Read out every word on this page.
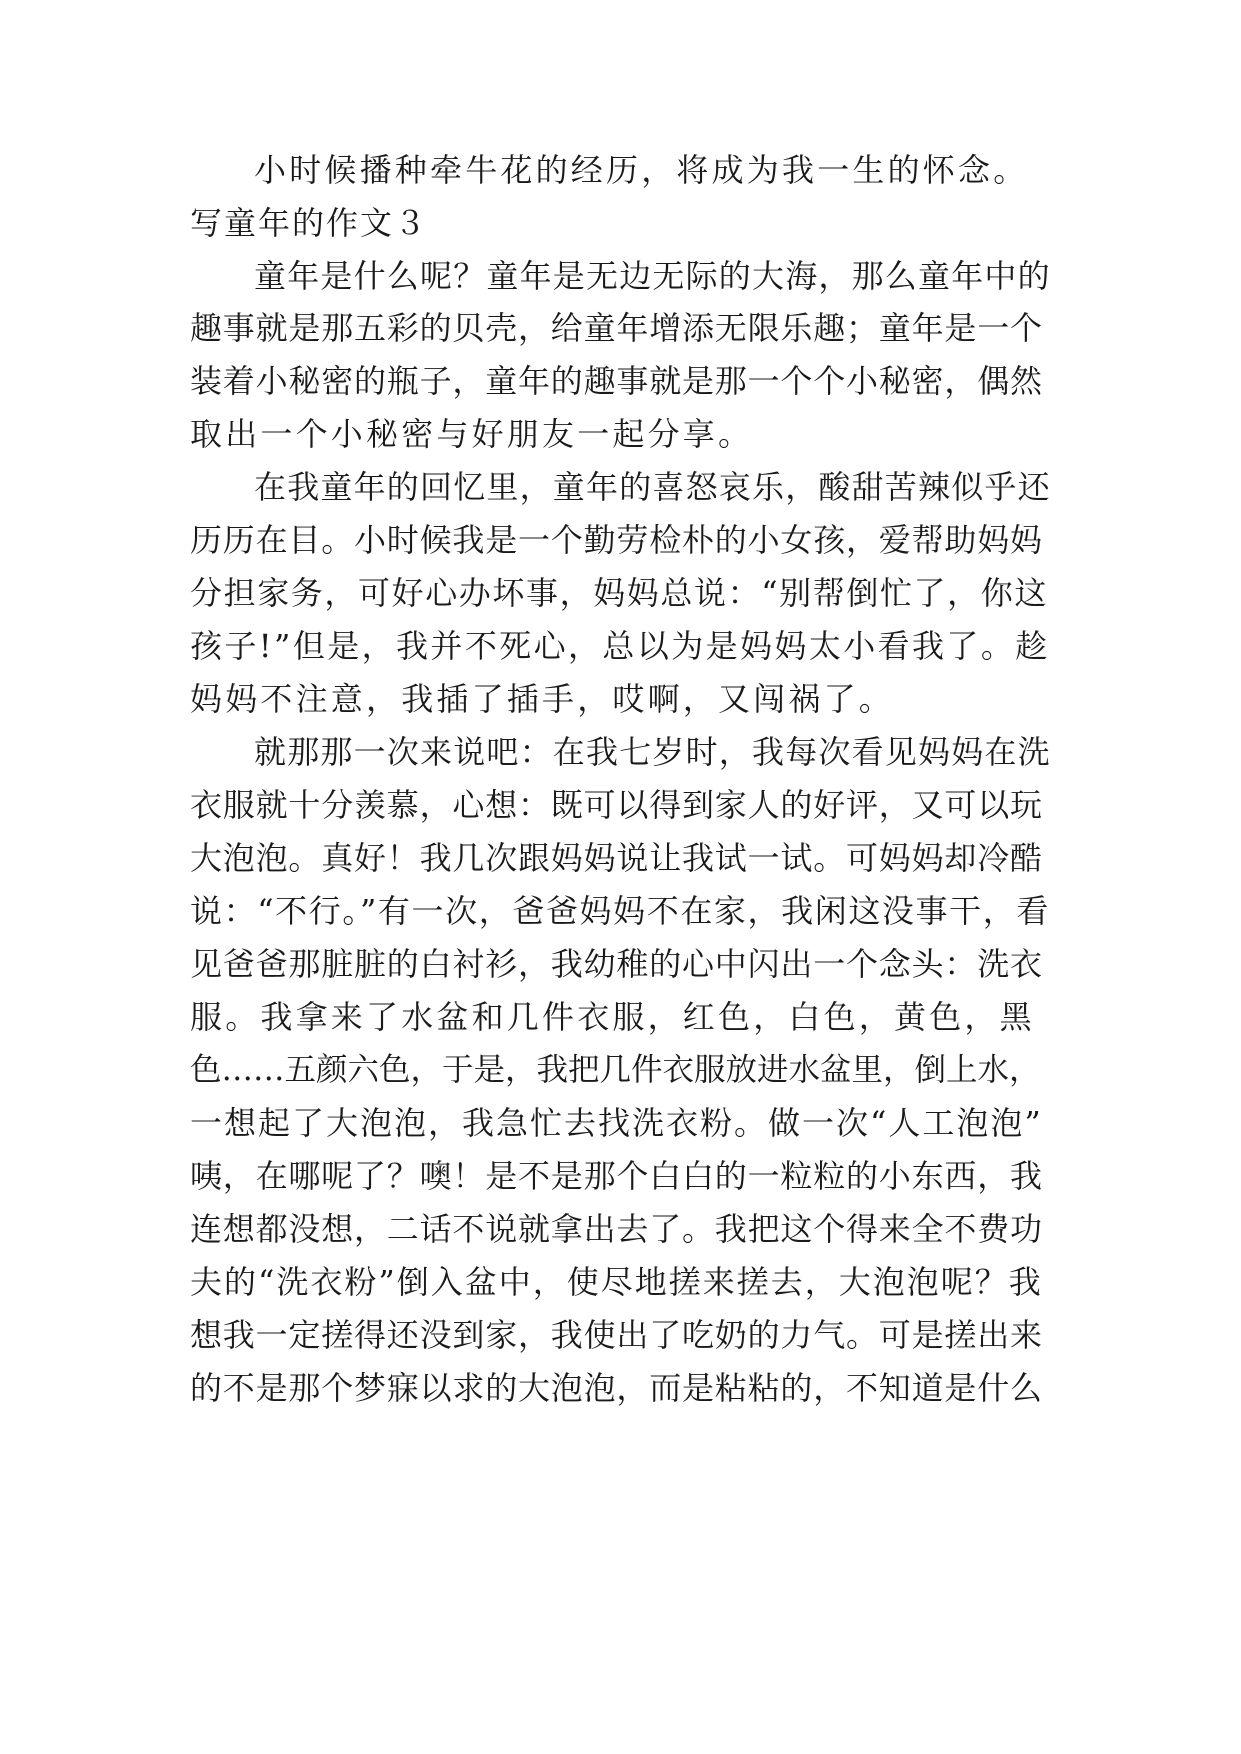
小时候播种牵牛花的经历，将成为我一生的怀念。
写童年的作文３
童年是什么呢？童年是无边无际的大海，那么童年中的
趣事就是那五彩的贝壳，给童年增添无限乐趣；童年是一个
装着小秘密的瓶子，童年的趣事就是那一个个小秘密，偶然
取出一个小秘密与好朋友一起分享。
在我童年的回忆里，童年的喜怒哀乐，酸甜苦辣似乎还
历历在目。小时候我是一个勤劳检朴的小女孩，爱帮助妈妈
分担家务，可好心办坏事，妈妈总说：“别帮倒忙了，你这
孩子!”但是，我并不死心，总以为是妈妈太小看我了。趁
妈妈不注意，我插了插手，哎啊，又闯祸了。
就那那一次来说吧：在我七岁时，我每次看见妈妈在洗
衣服就十分羡慕，心想：既可以得到家人的好评，又可以玩
大泡泡。真好！我几次跟妈妈说让我试一试。可妈妈却冷酷
说：“不行。”有一次，爸爸妈妈不在家，我闲这没事干，看
见爸爸那脏脏的白衬衫，我幼稚的心中闪出一个念头：洗衣
服。我拿来了水盆和几件衣服，红色，白色，黄色，黑
色……五颜六色，于是，我把几件衣服放进水盆里，倒上水，
一想起了大泡泡，我急忙去找洗衣粉。做一次“人工泡泡”
咦，在哪呢了？噢！是不是那个白白的一粒粒的小东西，我
连想都没想，二话不说就拿出去了。我把这个得来全不费功
夫的“洗衣粉”倒入盆中，使尽地搓来搓去，大泡泡呢？我
想我一定搓得还没到家，我使出了吃奶的力气。可是搓出来
的不是那个梦寐以求的大泡泡，而是粘粘的，不知道是什么
